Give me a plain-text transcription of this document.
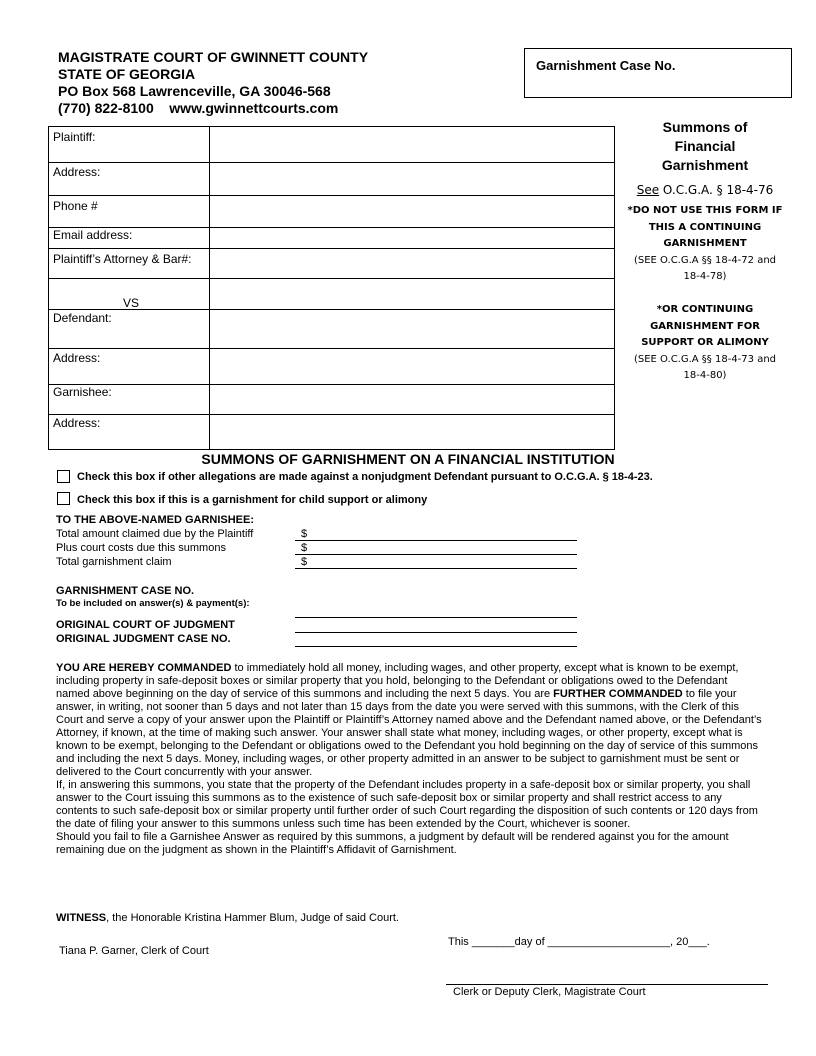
MAGISTRATE COURT OF GWINNETT COUNTY
STATE OF GEORGIA
PO Box 568 Lawrenceville, GA 30046-568
(770) 822-8100    www.gwinnettcourts.com
Garnishment Case No.
Plaintiff:
Address:
Phone #
Email address:
Plaintiff’s Attorney & Bar#:
VS
Defendant:
Address:
Garnishee:
Address:
Summons of
Financial
Garnishment
See O.C.G.A. § 18-4-76
*DO NOT USE THIS FORM IF
THIS A CONTINUING
GARNISHMENT
(SEE O.C.G.A §§ 18-4-72 and
18-4-78)
*OR CONTINUING
GARNISHMENT FOR
SUPPORT OR ALIMONY
(SEE O.C.G.A §§ 18-4-73 and
18-4-80)
SUMMONS OF GARNISHMENT ON A FINANCIAL INSTITUTION
Check this box if other allegations are made against a nonjudgment Defendant pursuant to O.C.G.A. § 18-4-23.
Check this box if this is a garnishment for child support or alimony
TO THE ABOVE-NAMED GARNISHEE:
Total amount claimed due by the Plaintiff
Plus court costs due this summons
Total garnishment claim
$
$
$
GARNISHMENT CASE NO.
To be included on answer(s) & payment(s):
ORIGINAL COURT OF JUDGMENT
ORIGINAL JUDGMENT CASE NO.

YOU ARE HEREBY COMMANDED to immediately hold all money, including wages, and other property, except what is known to be exempt, including property in safe-deposit boxes or similar property that you hold, belonging to the Defendant or obligations owed to the Defendant named above beginning on the day of service of this summons and including the next 5 days. You are FURTHER COMMANDED to file your answer, in writing, not sooner than 5 days and not later than 15 days from the date you were served with this summons, with the Clerk of this Court and serve a copy of your answer upon the Plaintiff or Plaintiff’s Attorney named above and the Defendant named above, or the Defendant’s Attorney, if known, at the time of making such answer. Your answer shall state what money, including wages, or other property, except what is known to be exempt, belonging to the Defendant or obligations owed to the Defendant you hold beginning on the day of service of this summons and including the next 5 days. Money, including wages, or other property admitted in an answer to be subject to garnishment must be sent or delivered to the Court concurrently with your answer.

If, in answering this summons, you state that the property of the Defendant includes property in a safe-deposit box or similar property, you shall answer to the Court issuing this summons as to the existence of such safe-deposit box or similar property and shall restrict access to any contents to such safe-deposit box or similar property until further order of such Court regarding the disposition of such contents or 120 days from the date of filing your answer to this summons unless such time has been extended by the Court, whichever is sooner.

Should you fail to file a Garnishee Answer as required by this summons, a judgment by default will be rendered against you for the amount remaining due on the judgment as shown in the Plaintiff’s Affidavit of Garnishment.

WITNESS, the Honorable Kristina Hammer Blum, Judge of said Court.
This _______day of ____________________, 20___.
Tiana P. Garner, Clerk of Court
Clerk or Deputy Clerk, Magistrate Court
